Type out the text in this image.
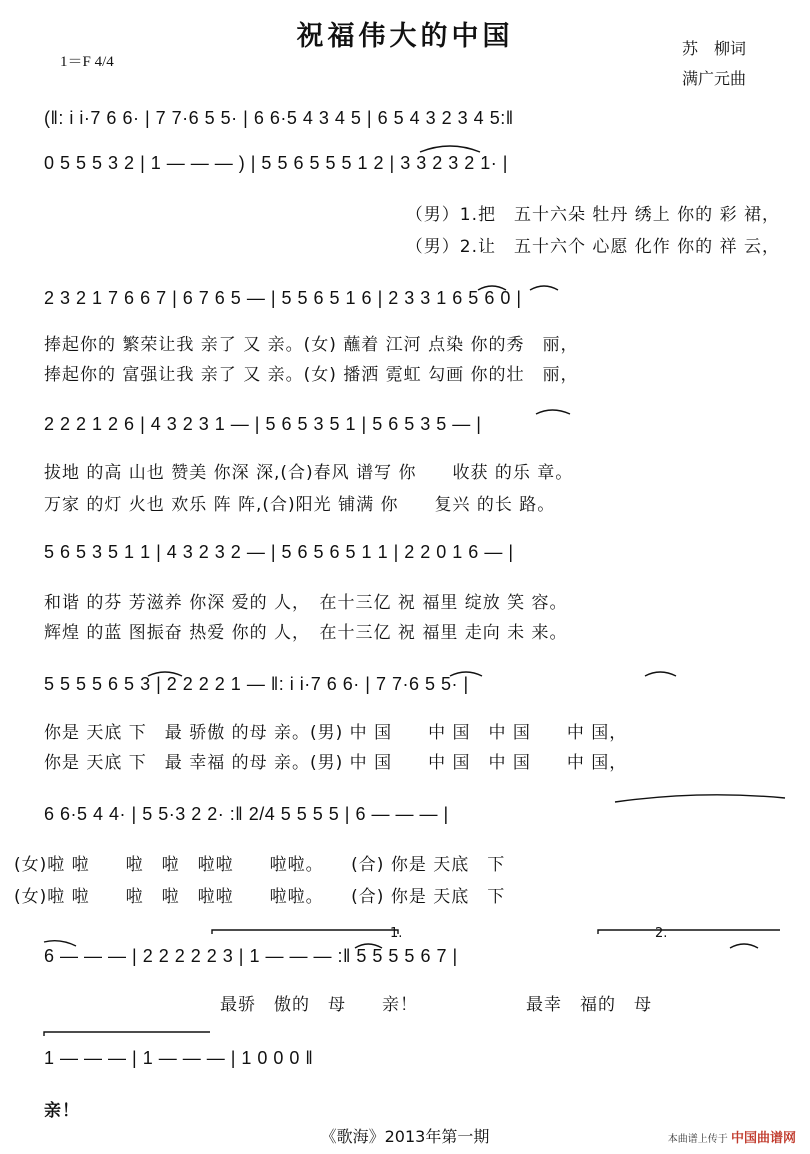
祝福伟大的中国	苏　柳词
满广元曲
1＝F 4/4
(‖: i i·7 6 6· | 7 7·6 5 5· | 6 6·5 4 3 4 5 | 6 5 4 3 2 3 4 5:‖
0 5 5 5 3 2 | 1 — — — ) | 5 5 6 5 5 5 1 2 | 3 3 2 3 2 1· |
（男）1.把　五十六朵 牡丹 绣上 你的 彩 裙，
（男）2.让　五十六个 心愿 化作 你的 祥 云，
2 3 2 1 7 6 6 7 | 6 7 6 5 — | 5 5 6 5 1 6 | 2 3 3 1 6 5 6 0 |
捧起你的 繁荣让我 亲了 又 亲。(女) 蘸着 江河 点染 你的秀　丽，
捧起你的 富强让我 亲了 又 亲。(女) 播洒 霓虹 勾画 你的壮　丽，
2 2 2 1 2 6 | 4 3 2 3 1 — | 5 6 5 3 5 1 | 5 6 5 3 5 — |
拔地 的高 山也 赞美 你深 深,(合)春风 谱写 你　　收获 的乐 章。
万家 的灯 火也 欢乐 阵 阵,(合)阳光 铺满 你　　复兴 的长 路。
5 6 5 3 5 1 1 | 4 3 2 3 2 — | 5 6 5 6 5 1 1 | 2 2 0 1 6 — |
和谐 的芬 芳滋养 你深 爱的 人，　在十三亿 祝 福里 绽放 笑 容。
辉煌 的蓝 图振奋 热爱 你的 人，　在十三亿 祝 福里 走向 未 来。
5 5 5 5 6 5 3 | 2 2 2 2 1 — ‖: i i·7 6 6· | 7 7·6 5 5· |
你是 天底 下　最 骄傲 的母 亲。(男) 中 国　　中 国　中 国　　中 国，
你是 天底 下　最 幸福 的母 亲。(男) 中 国　　中 国　中 国　　中 国，
6 6·5 4 4· | 5 5·3 2 2· :‖ 2/4 5 5 5 5 | 6 — — — |
(女)啦 啦　　啦　啦　啦啦　　啦啦。　　(合) 你是 天底　下
(女)啦 啦　　啦　啦　啦啦　　啦啦。　　(合) 你是 天底　下
1.	2.
6 — — — | 2 2 2 2 2 3 | 1 — — — :‖ 5 5 5 5 6 7 |
最骄　傲的　母　　亲！　　　　　　最幸　福的　母
1 — — — | 1 — — — | 1 0 0 0 ‖
亲！
《歌海》2013年第一期	本曲谱上传于 中国曲谱网
